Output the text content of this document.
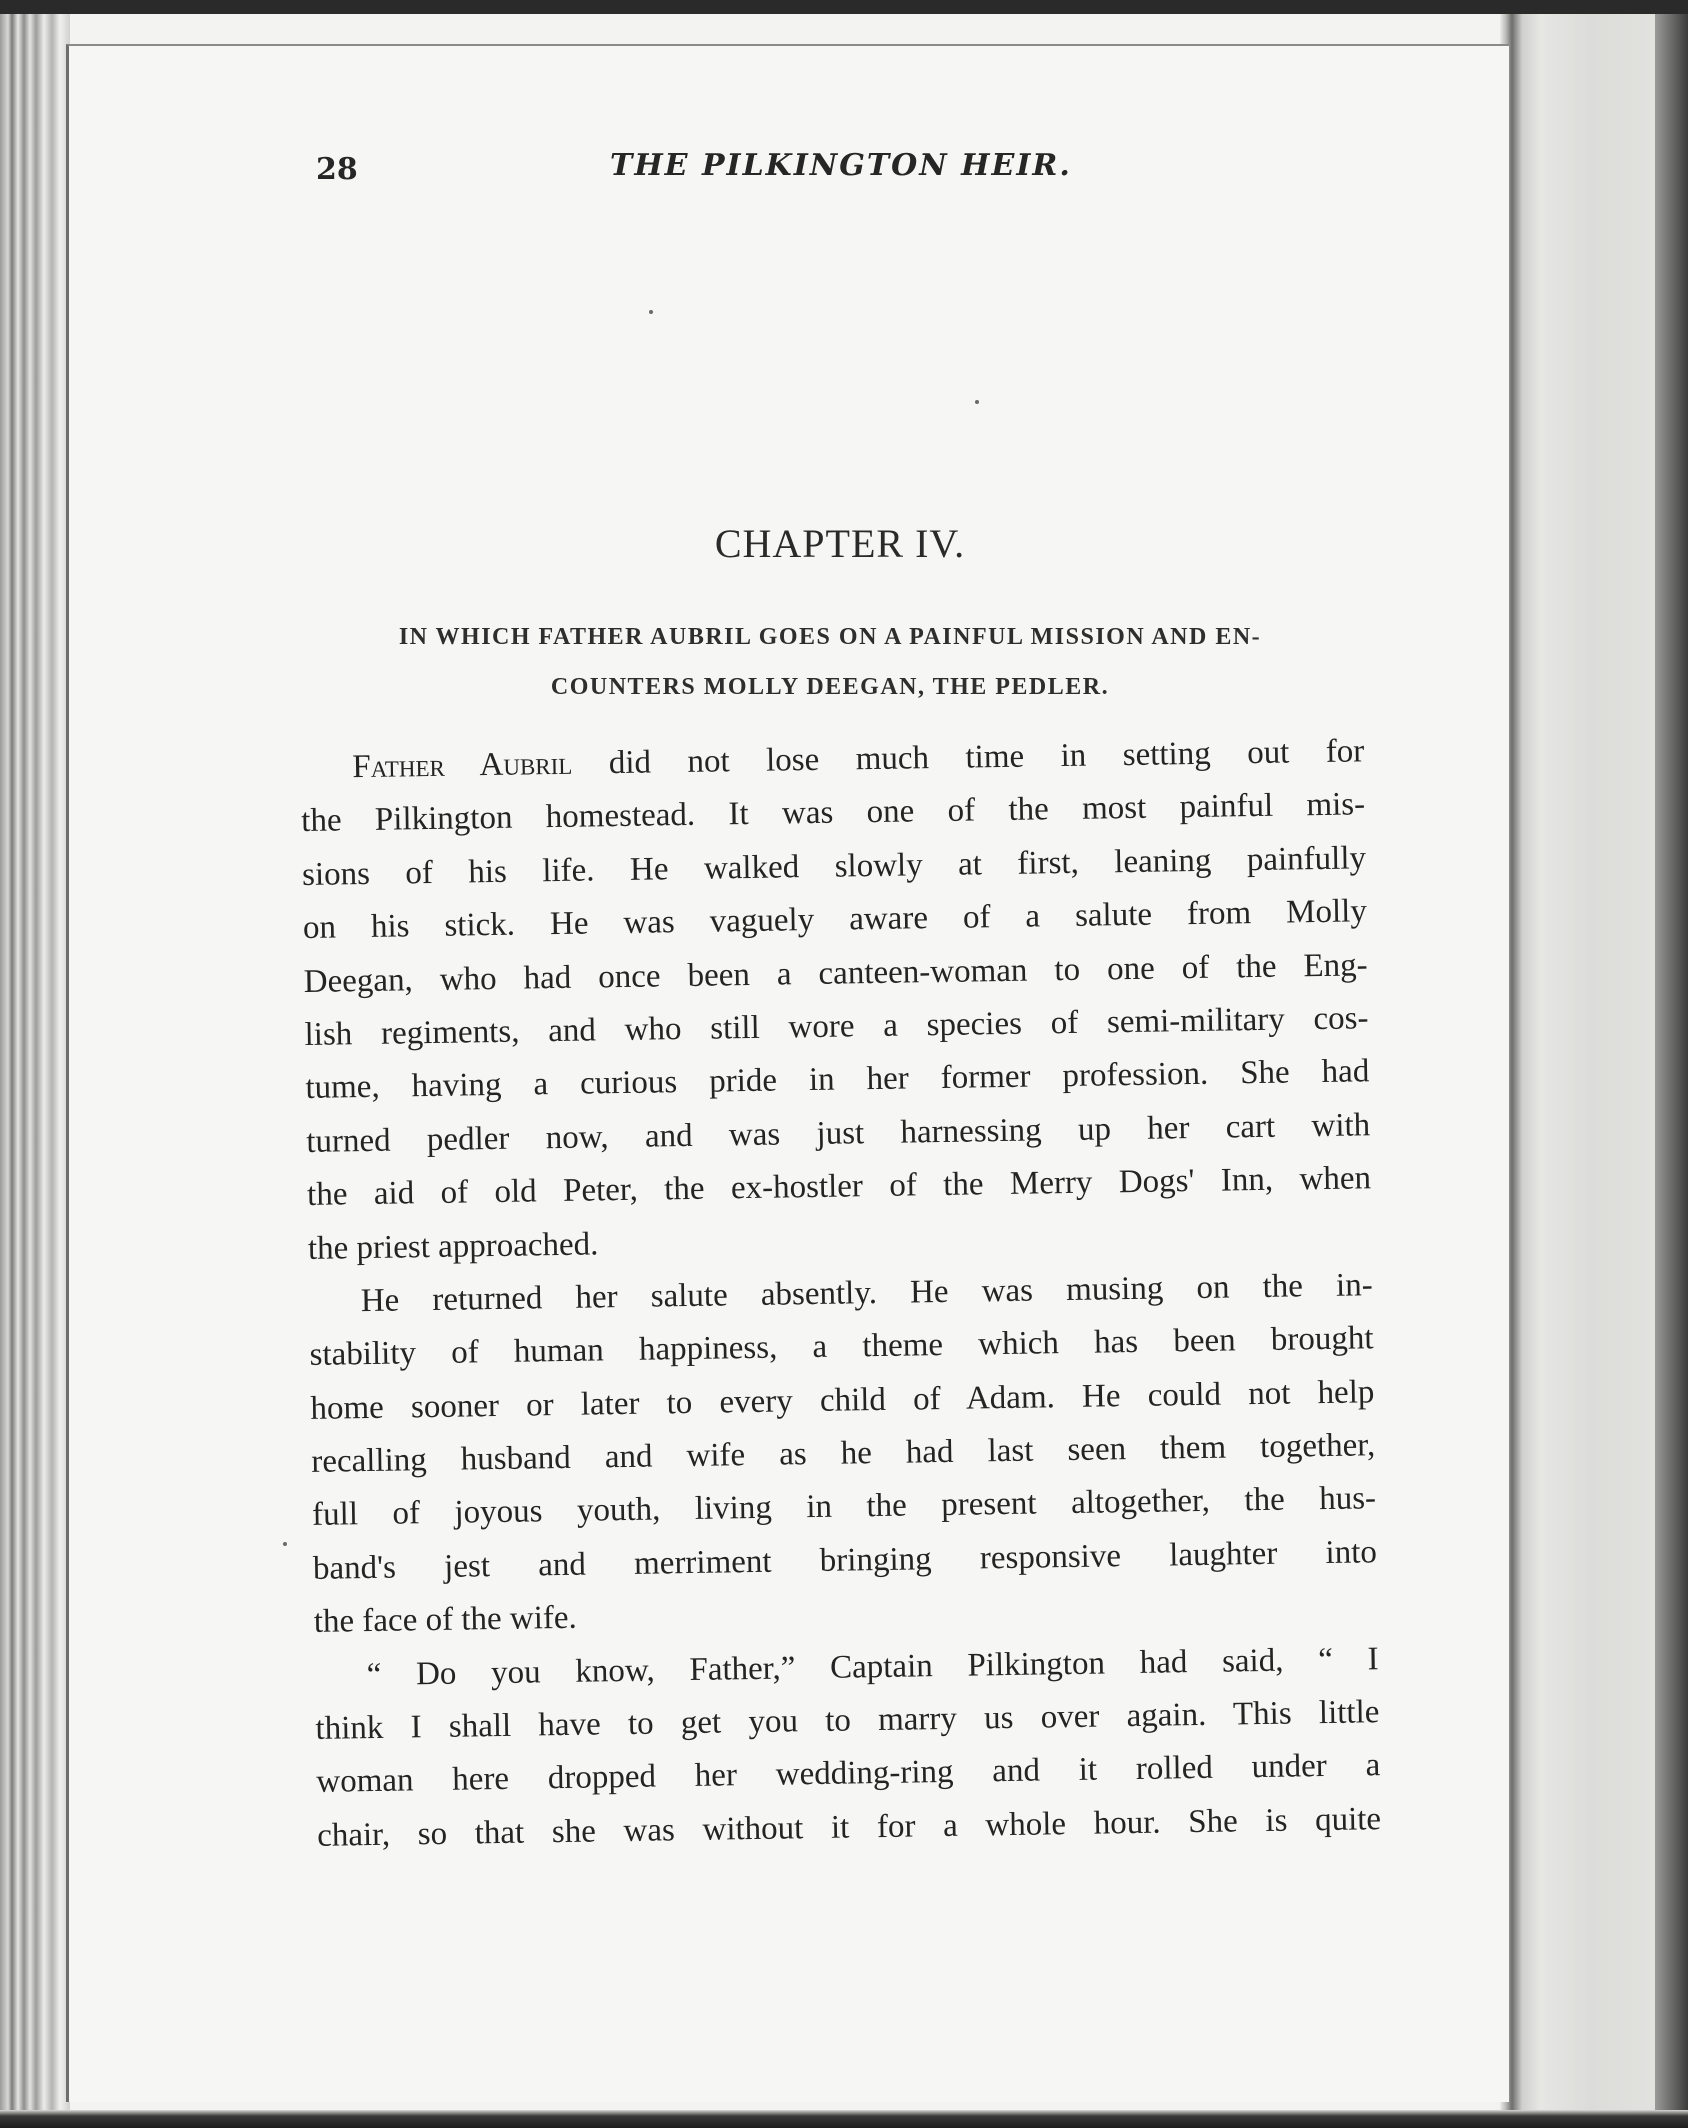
28	THE PILKINGTON HEIR.
CHAPTER IV.
IN WHICH FATHER AUBRIL GOES ON A PAINFUL MISSION AND EN-
COUNTERS MOLLY DEEGAN, THE PEDLER.

Father Aubril did not lose much time in setting out for
the Pilkington homestead. It was one of the most painful mis-
sions of his life. He walked slowly at first, leaning painfully
on his stick. He was vaguely aware of a salute from Molly
Deegan, who had once been a canteen-woman to one of the Eng-
lish regiments, and who still wore a species of semi-military cos-
tume, having a curious pride in her former profession. She had
turned pedler now, and was just harnessing up her cart with
the aid of old Peter, the ex-hostler of the Merry Dogs' Inn, when
the priest approached.

He returned her salute absently. He was musing on the in-
stability of human happiness, a theme which has been brought
home sooner or later to every child of Adam. He could not help
recalling husband and wife as he had last seen them together,
full of joyous youth, living in the present altogether, the hus-
band's jest and merriment bringing responsive laughter into
the face of the wife.

“ Do you know, Father,” Captain Pilkington had said, “ I
think I shall have to get you to marry us over again. This little
woman here dropped her wedding-ring and it rolled under a
chair, so that she was without it for a whole hour. She is quite
